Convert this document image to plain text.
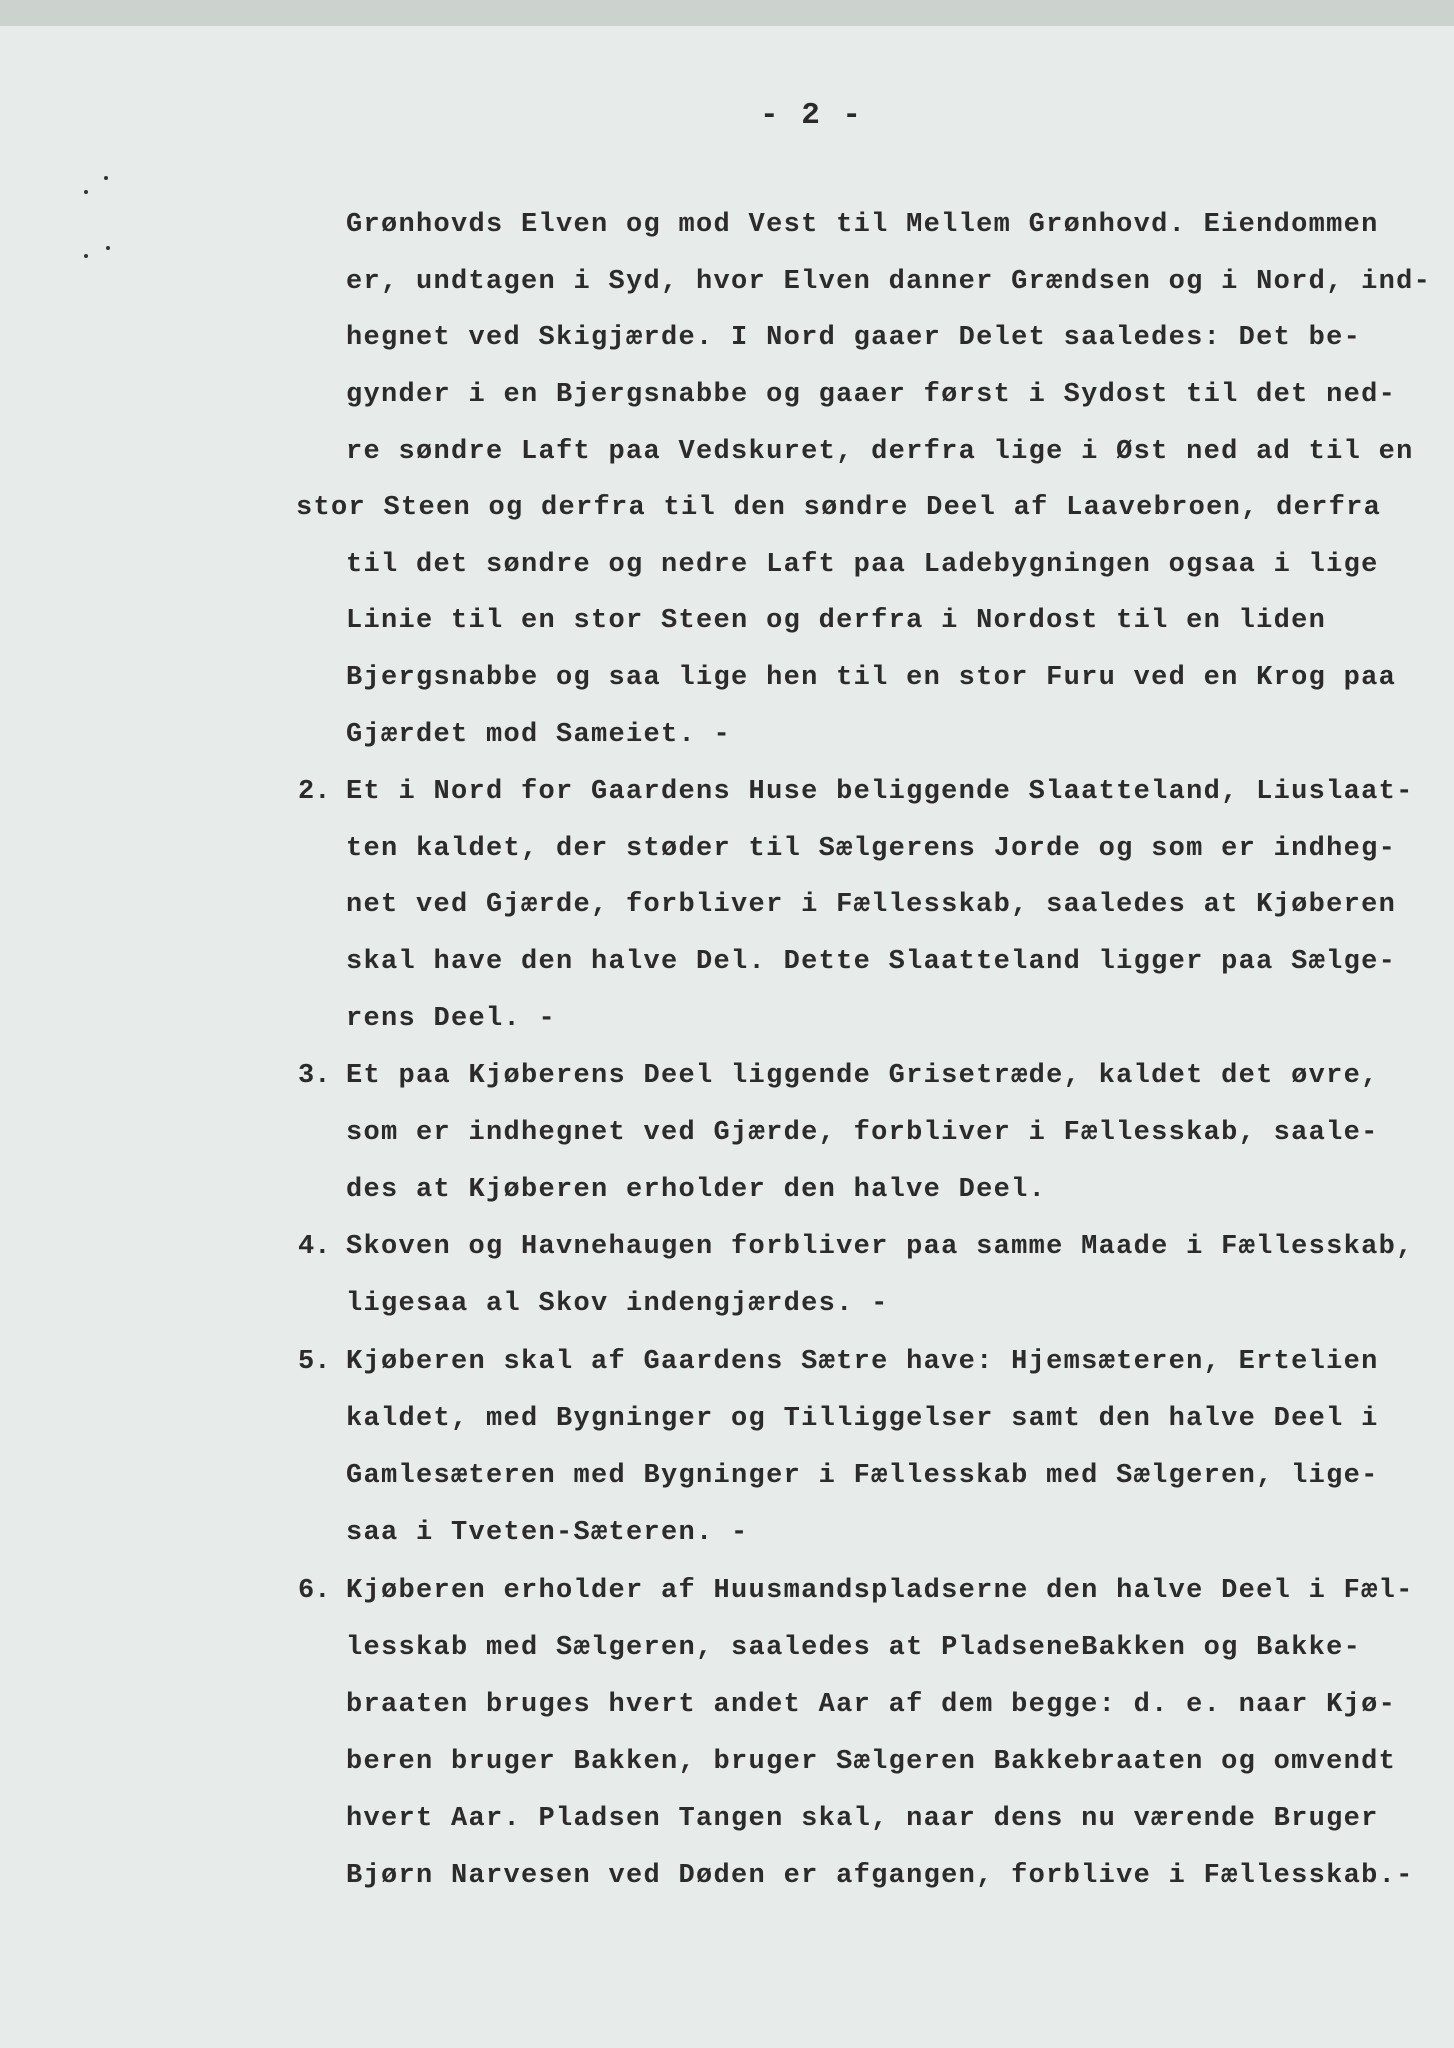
- 2 -
Grønhovds Elven og mod Vest til Mellem Grønhovd. Eiendommen
er, undtagen i Syd, hvor Elven danner Grændsen og i Nord, ind-
hegnet ved Skigjærde. I Nord gaaer Delet saaledes: Det be-
gynder i en Bjergsnabbe og gaaer først i Sydost til det ned-
re søndre Laft paa Vedskuret, derfra lige i Øst ned ad til en
stor Steen og derfra til den søndre Deel af Laavebroen, derfra
til det søndre og nedre Laft paa Ladebygningen ogsaa i lige
Linie til en stor Steen og derfra i Nordost til en liden
Bjergsnabbe og saa lige hen til en stor Furu ved en Krog paa
Gjærdet mod Sameiet. -
2. Et i Nord for Gaardens Huse beliggende Slaatteland, Liuslaat-
ten kaldet, der støder til Sælgerens Jorde og som er indheg-
net ved Gjærde, forbliver i Fællesskab, saaledes at Kjøberen
skal have den halve Del. Dette Slaatteland ligger paa Sælge-
rens Deel. -
3. Et paa Kjøberens Deel liggende Grisetræde, kaldet det øvre,
som er indhegnet ved Gjærde, forbliver i Fællesskab, saale-
des at Kjøberen erholder den halve Deel.
4. Skoven og Havnehaugen forbliver paa samme Maade i Fællesskab,
ligesaa al Skov indengjærdes. -
5. Kjøberen skal af Gaardens Sætre have: Hjemsæteren, Ertelien
kaldet, med Bygninger og Tilliggelser samt den halve Deel i
Gamlesæteren med Bygninger i Fællesskab med Sælgeren, lige-
saa i Tveten-Sæteren. -
6. Kjøberen erholder af Huusmandspladserne den halve Deel i Fæl-
lesskab med Sælgeren, saaledes at PladseneBakken og Bakke-
braaten bruges hvert andet Aar af dem begge: d. e. naar Kjø-
beren bruger Bakken, bruger Sælgeren Bakkebraaten og omvendt
hvert Aar. Pladsen Tangen skal, naar dens nu værende Bruger
Bjørn Narvesen ved Døden er afgangen, forblive i Fællesskab.-
